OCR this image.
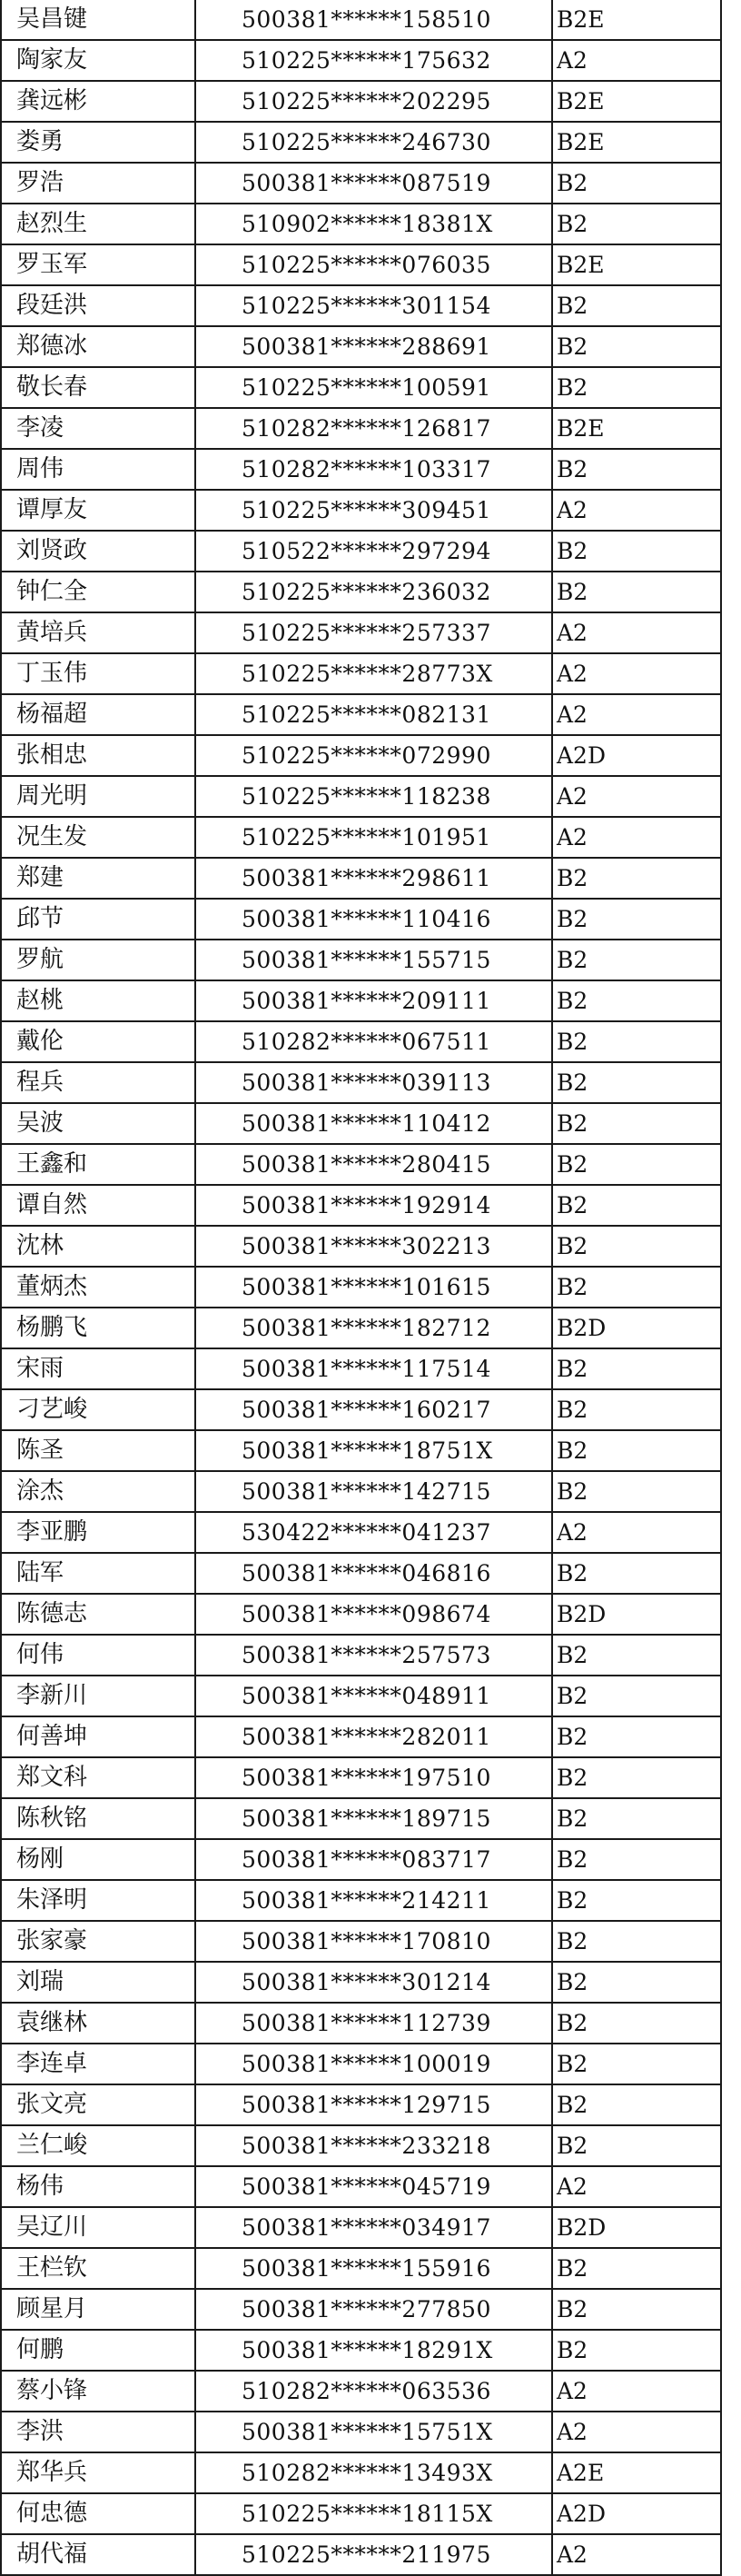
吴昌键	500381******158510	B2E
陶家友	510225******175632	A2
龚远彬	510225******202295	B2E
娄勇	510225******246730	B2E
罗浩	500381******087519	B2
赵烈生	510902******18381X	B2
罗玉军	510225******076035	B2E
段廷洪	510225******301154	B2
郑德冰	500381******288691	B2
敬长春	510225******100591	B2
李凌	510282******126817	B2E
周伟	510282******103317	B2
谭厚友	510225******309451	A2
刘贤政	510522******297294	B2
钟仁全	510225******236032	B2
黄培兵	510225******257337	A2
丁玉伟	510225******28773X	A2
杨福超	510225******082131	A2
张相忠	510225******072990	A2D
周光明	510225******118238	A2
况生发	510225******101951	A2
郑建	500381******298611	B2
邱节	500381******110416	B2
罗航	500381******155715	B2
赵桃	500381******209111	B2
戴伦	510282******067511	B2
程兵	500381******039113	B2
吴波	500381******110412	B2
王鑫和	500381******280415	B2
谭自然	500381******192914	B2
沈林	500381******302213	B2
董炳杰	500381******101615	B2
杨鹏飞	500381******182712	B2D
宋雨	500381******117514	B2
刁艺峻	500381******160217	B2
陈圣	500381******18751X	B2
涂杰	500381******142715	B2
李亚鹏	530422******041237	A2
陆军	500381******046816	B2
陈德志	500381******098674	B2D
何伟	500381******257573	B2
李新川	500381******048911	B2
何善坤	500381******282011	B2
郑文科	500381******197510	B2
陈秋铭	500381******189715	B2
杨刚	500381******083717	B2
朱泽明	500381******214211	B2
张家豪	500381******170810	B2
刘瑞	500381******301214	B2
袁继林	500381******112739	B2
李连卓	500381******100019	B2
张文亮	500381******129715	B2
兰仁峻	500381******233218	B2
杨伟	500381******045719	A2
吴辽川	500381******034917	B2D
王栏钦	500381******155916	B2
顾星月	500381******277850	B2
何鹏	500381******18291X	B2
蔡小锋	510282******063536	A2
李洪	500381******15751X	A2
郑华兵	510282******13493X	A2E
何忠德	510225******18115X	A2D
胡代福	510225******211975	A2
